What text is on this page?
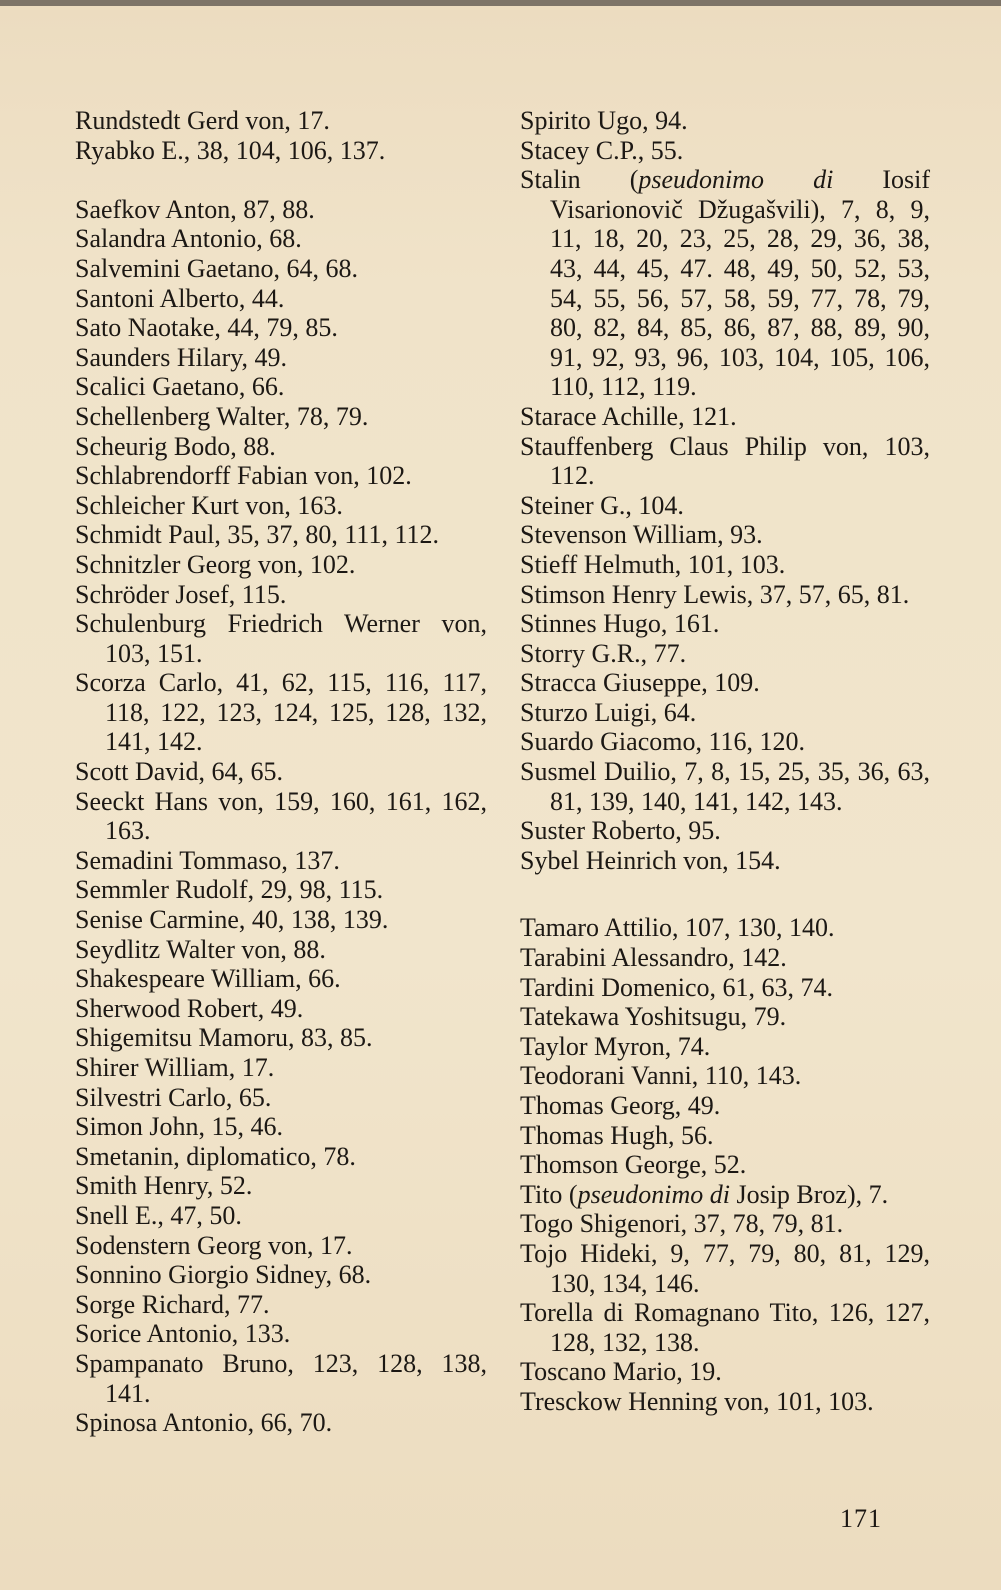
Rundstedt Gerd von, 17.

Ryabko E., 38, 104, 106, 137.

Saefkov Anton, 87, 88.

Salandra Antonio, 68.

Salvemini Gaetano, 64, 68.

Santoni Alberto, 44.

Sato Naotake, 44, 79, 85.

Saunders Hilary, 49.

Scalici Gaetano, 66.

Schellenberg Walter, 78, 79.

Scheurig Bodo, 88.

Schlabrendorff Fabian von, 102.

Schleicher Kurt von, 163.

Schmidt Paul, 35, 37, 80, 111, 112.

Schnitzler Georg von, 102.

Schröder Josef, 115.

Schulenburg Friedrich Werner von, 103, 151.

Scorza Carlo, 41, 62, 115, 116, 117, 118, 122, 123, 124, 125, 128, 132, 141, 142.

Scott David, 64, 65.

Seeckt Hans von, 159, 160, 161, 162, 163.

Semadini Tommaso, 137.

Semmler Rudolf, 29, 98, 115.

Senise Carmine, 40, 138, 139.

Seydlitz Walter von, 88.

Shakespeare William, 66.

Sherwood Robert, 49.

Shigemitsu Mamoru, 83, 85.

Shirer William, 17.

Silvestri Carlo, 65.

Simon John, 15, 46.

Smetanin, diplomatico, 78.

Smith Henry, 52.

Snell E., 47, 50.

Sodenstern Georg von, 17.

Sonnino Giorgio Sidney, 68.

Sorge Richard, 77.

Sorice Antonio, 133.

Spampanato Bruno, 123, 128, 138, 141.

Spinosa Antonio, 66, 70.

Spirito Ugo, 94.

Stacey C.P., 55.

Stalin (pseudonimo di Iosif Visarionovič Džugašvili), 7, 8, 9, 11, 18, 20, 23, 25, 28, 29, 36, 38, 43, 44, 45, 47. 48, 49, 50, 52, 53, 54, 55, 56, 57, 58, 59, 77, 78, 79, 80, 82, 84, 85, 86, 87, 88, 89, 90, 91, 92, 93, 96, 103, 104, 105, 106, 110, 112, 119.

Starace Achille, 121.

Stauffenberg Claus Philip von, 103, 112.

Steiner G., 104.

Stevenson William, 93.

Stieff Helmuth, 101, 103.

Stimson Henry Lewis, 37, 57, 65, 81.

Stinnes Hugo, 161.

Storry G.R., 77.

Stracca Giuseppe, 109.

Sturzo Luigi, 64.

Suardo Giacomo, 116, 120.

Susmel Duilio, 7, 8, 15, 25, 35, 36, 63, 81, 139, 140, 141, 142, 143.

Suster Roberto, 95.

Sybel Heinrich von, 154.

Tamaro Attilio, 107, 130, 140.

Tarabini Alessandro, 142.

Tardini Domenico, 61, 63, 74.

Tatekawa Yoshitsugu, 79.

Taylor Myron, 74.

Teodorani Vanni, 110, 143.

Thomas Georg, 49.

Thomas Hugh, 56.

Thomson George, 52.

Tito (pseudonimo di Josip Broz), 7.

Togo Shigenori, 37, 78, 79, 81.

Tojo Hideki, 9, 77, 79, 80, 81, 129, 130, 134, 146.

Torella di Romagnano Tito, 126, 127, 128, 132, 138.

Toscano Mario, 19.

Tresckow Henning von, 101, 103.

171
